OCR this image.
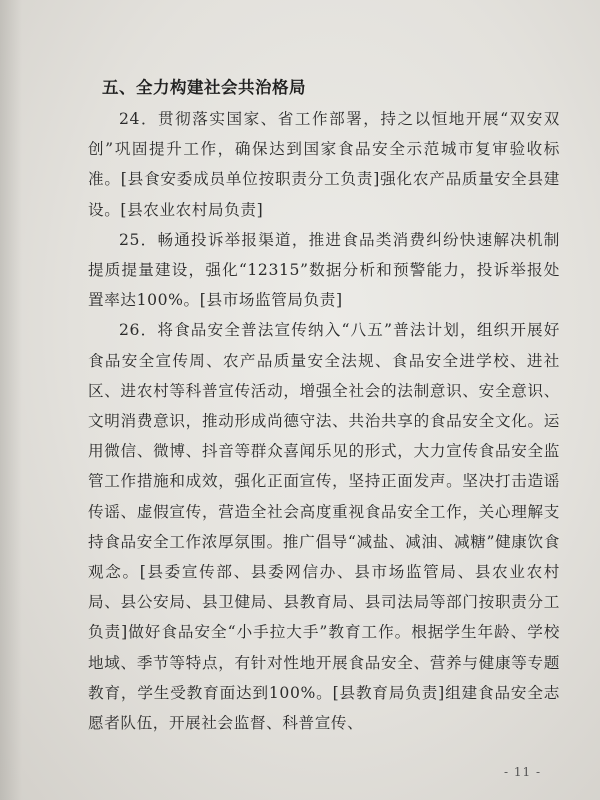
五、全力构建社会共治格局

24．贯彻落实国家、省工作部署，持之以恒地开展“双安双创”巩固提升工作，确保达到国家食品安全示范城市复审验收标准。[县食安委成员单位按职责分工负责]强化农产品质量安全县建设。[县农业农村局负责]

25．畅通投诉举报渠道，推进食品类消费纠纷快速解决机制提质提量建设，强化“12315”数据分析和预警能力，投诉举报处置率达100%。[县市场监管局负责]

26．将食品安全普法宣传纳入“八五”普法计划，组织开展好食品安全宣传周、农产品质量安全法规、食品安全进学校、进社区、进农村等科普宣传活动，增强全社会的法制意识、安全意识、文明消费意识，推动形成尚德守法、共治共享的食品安全文化。运用微信、微博、抖音等群众喜闻乐见的形式，大力宣传食品安全监管工作措施和成效，强化正面宣传，坚持正面发声。坚决打击造谣传谣、虚假宣传，营造全社会高度重视食品安全工作，关心理解支持食品安全工作浓厚氛围。推广倡导“减盐、减油、减糖”健康饮食观念。[县委宣传部、县委网信办、县市场监管局、县农业农村局、县公安局、县卫健局、县教育局、县司法局等部门按职责分工负责]做好食品安全“小手拉大手”教育工作。根据学生年龄、学校地域、季节等特点，有针对性地开展食品安全、营养与健康等专题教育，学生受教育面达到100%。[县教育局负责]组建食品安全志愿者队伍，开展社会监督、科普宣传、

- 11 -
